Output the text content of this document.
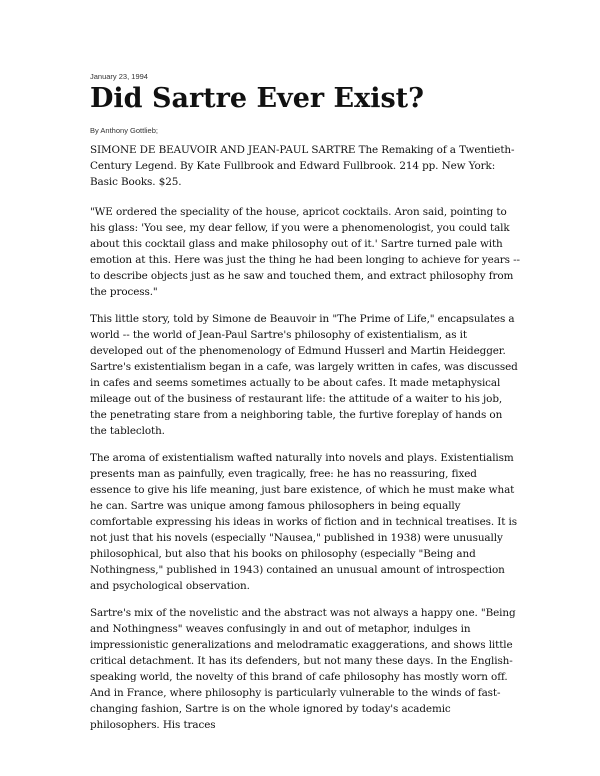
January 23, 1994

Did Sartre Ever Exist?

By Anthony Gottlieb;

SIMONE DE BEAUVOIR AND JEAN-PAUL SARTRE The Remaking of a Twentieth-Century Legend. By Kate Fullbrook and Edward Fullbrook. 214 pp. New York: Basic Books. $25.

"WE ordered the speciality of the house, apricot cocktails. Aron said, pointing to his glass: 'You see, my dear fellow, if you were a phenomenologist, you could talk about this cocktail glass and make philosophy out of it.' Sartre turned pale with emotion at this. Here was just the thing he had been longing to achieve for years -- to describe objects just as he saw and touched them, and extract philosophy from the process."

This little story, told by Simone de Beauvoir in "The Prime of Life," encapsulates a world -- the world of Jean-Paul Sartre's philosophy of existentialism, as it developed out of the phenomenology of Edmund Husserl and Martin Heidegger. Sartre's existentialism began in a cafe, was largely written in cafes, was discussed in cafes and seems sometimes actually to be about cafes. It made metaphysical mileage out of the business of restaurant life: the attitude of a waiter to his job, the penetrating stare from a neighboring table, the furtive foreplay of hands on the tablecloth.

The aroma of existentialism wafted naturally into novels and plays. Existentialism presents man as painfully, even tragically, free: he has no reassuring, fixed essence to give his life meaning, just bare existence, of which he must make what he can. Sartre was unique among famous philosophers in being equally comfortable expressing his ideas in works of fiction and in technical treatises. It is not just that his novels (especially "Nausea," published in 1938) were unusually philosophical, but also that his books on philosophy (especially "Being and Nothingness," published in 1943) contained an unusual amount of introspection and psychological observation.

Sartre's mix of the novelistic and the abstract was not always a happy one. "Being and Nothingness" weaves confusingly in and out of metaphor, indulges in impressionistic generalizations and melodramatic exaggerations, and shows little critical detachment. It has its defenders, but not many these days. In the English-speaking world, the novelty of this brand of cafe philosophy has mostly worn off. And in France, where philosophy is particularly vulnerable to the winds of fast-changing fashion, Sartre is on the whole ignored by today's academic philosophers. His traces
